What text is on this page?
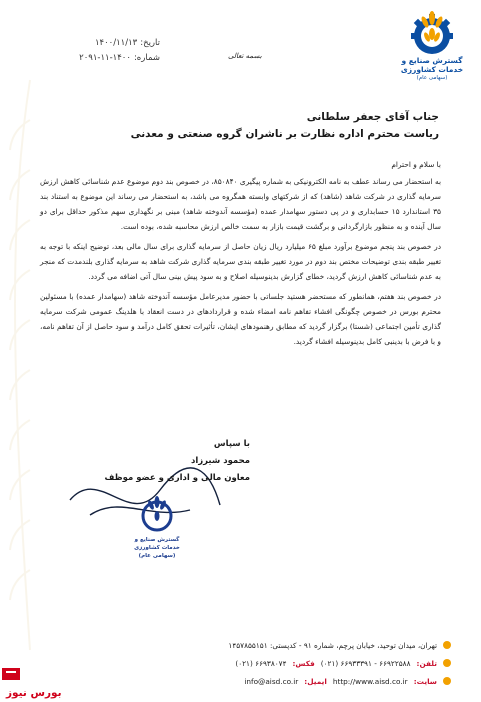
گسترش صنایع و
خدمات کشاورزی
(سهامی عام)
تاریخ:
۱۴۰۰/۱۱/۱۳
شماره:
۲۰۹۱-۱۱-۱۴۰۰	بسمه تعالی
جناب آقای جعفر سلطانی
ریاست محترم اداره نظارت بر ناشران گروه صنعتی و معدنی

با سلام و احترام

به استحضار می رساند عطف به نامه الکترونیکی به شماره پیگیری ۸۵۰۸۴۰، در خصوص بند دوم موضوع عدم شناسائی کاهش ارزش سرمایه گذاری در شرکت شاهد (شاهد) که از شرکتهای وابسته همگروه می باشد، به استحضار می رساند این موضوع به استناد بند ۳۵ استاندارد ۱۵ حسابداری و در پی دستور سهامدار عمده (مؤسسه آندوخته شاهد) مبنی بر نگهداری سهم مذکور حداقل برای دو سال آینده و به منظور بازارگردانی و برگشت قیمت بازار به سمت خالص ارزش محاسبه شده، بوده است.

در خصوص بند پنجم موضوع برآورد مبلغ ۶۵ میلیارد ریال زیان حاصل از سرمایه گذاری برای سال مالی بعد، توضیح اینکه با توجه به تغییر طبقه بندی توضیحات مختص بند دوم در مورد تغییر طبقه بندی سرمایه گذاری شرکت شاهد به سرمایه گذاری بلندمدت که منجر به عدم شناسائی کاهش ارزش گردید، خطای گزارش بدینوسیله اصلاح و به سود پیش بینی سال آتی اضافه می گردد.

در خصوص بند هفتم، همانطور که مستحضر هستید جلساتی با حضور مدیرعامل مؤسسه آندوخته شاهد (سهامدار عمده) با مسئولین محترم بورس در خصوص چگونگی افشاء تفاهم نامه امضاء شده و قراردادهای در دست انعقاد با هلدینگ عمومی شرکت سرمایه گذاری تأمین اجتماعی (شستا) برگزار گردید که مطابق رهنمودهای ایشان، تأثیرات تحقق کامل درآمد و سود حاصل از آن تفاهم نامه، و با فرض با بدینبی کامل بدینوسیله افشاء گردید.

با سپاس
محمود شیرزاد
معاون مالی و اداری و عضو موظف
گسترش صنایع و
خدمات کشاورزی
(سهامی عام)
تهران، میدان توحید، خیابان پرچم، شماره ۹۱ - کدپستی: ۱۴۵۷۸۵۵۱۵۱
تلفن:
(۰۲۱) ۶۶۹۳۳۳۹۱ - ۶۶۹۲۲۵۸۸
فکس:
(۰۲۱) ۶۶۹۳۸۰۷۴
سایت:
http://www.aisd.co.ir
ایمیل:
info@aisd.co.ir
بورس نیوز
